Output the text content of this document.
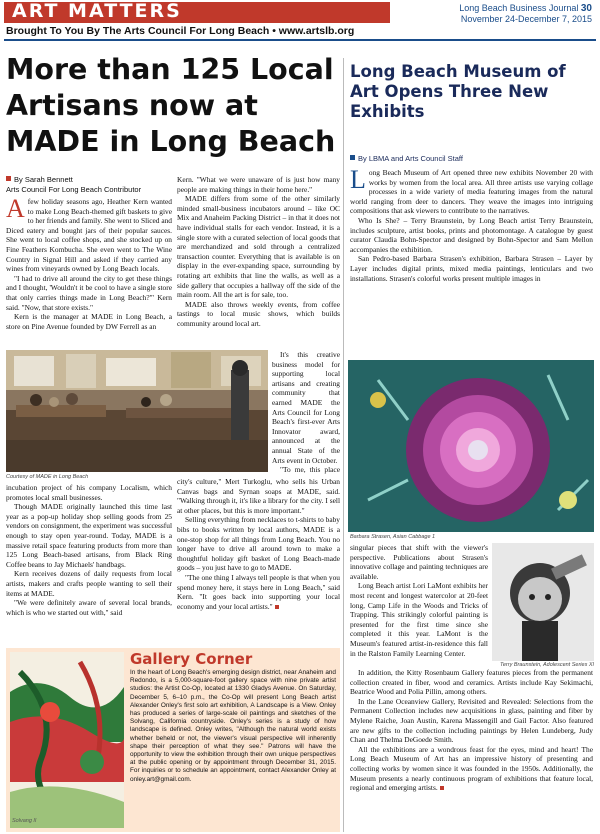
ART MATTERS	Long Beach Business Journal 30
November 24-December 7, 2015
Brought To You By The Arts Council For Long Beach • www.artslb.org
More than 125 Local Artisans now at MADE in Long Beach
By Sarah Bennett
Arts Council For Long Beach Contributor

Afew holiday seasons ago, Heather Kern wanted to make Long Beach-themed gift baskets to give to her friends and family. She went to Sliced and Diced eatery and bought jars of their popular sauces. She went to local coffee shops, and she stocked up on Fine Feathers Kombucha. She even went to The Wine Country in Signal Hill and asked if they carried any wines from vineyards owned by Long Beach locals.

"I had to drive all around the city to get these things and I thought, 'Wouldn't it be cool to have a single store that only carries things made in Long Beach?'" Kern said. "Now, that store exists."

Kern is the manager at MADE in Long Beach, a store on Pine Avenue founded by DW Ferrell as an

Kern. "What we were unaware of is just how many people are making things in their home here."

MADE differs from some of the other similarly minded small-business incubators around – like OC Mix and Anaheim Packing District – in that it does not have individual stalls for each vendor. Instead, it is a single store with a curated selection of local goods that are merchandized and sold through a centralized transaction counter. Everything that is available is on display in the ever-expanding space, surrounding by rotating art exhibits that line the walls, as well as a side gallery that occupies a hallway off the side of the main room. All the art is for sale, too.

MADE also throws weekly events, from coffee tastings to local music shows, which builds community around local art.

Courtesy of MADE in Long Beach

It's this creative business model for supporting local artisans and creating community that earned MADE the Arts Council for Long Beach's first-ever Arts Innovator award, announced at the annual State of the Arts event in October.

"To me, this place

incubation project of his company Localism, which promotes local small businesses.

Though MADE originally launched this time last year as a pop-up holiday shop selling goods from 25 vendors on consignment, the experiment was successful enough to stay open year-round. Today, MADE is a massive retail space featuring products from more than 125 Long Beach-based artisans, from Black Ring Coffee beans to Jay Michaels' handbags.

Kern receives dozens of daily requests from local artists, makers and crafts people wanting to sell their items at MADE.

"We were definitely aware of several local brands, which is who we started out with," said

city's culture," Mert Turkoglu, who sells his Urban Canvas bags and Syrnan soaps at MADE, said. "Walking through it, it's like a library for the city. I sell at other places, but this is more important."

Selling everything from necklaces to t-shirts to baby bibs to books written by local authors, MADE is a one-stop shop for all things from Long Beach. You no longer have to drive all around town to make a thoughtful holiday gift basket of Long Beach-made goods – you just have to go to MADE.

"The one thing I always tell people is that when you spend money here, it stays here in Long Beach," said Kern. "It goes back into supporting your local economy and your local artists."

Solvang II
Gallery Corner
In the heart of Long Beach's emerging design district, near Anaheim and Redondo, is a 5,000-square-foot gallery space with nine private artist studios: the Artist Co-Op, located at 1330 Gladys Avenue. On Saturday, December 5, 6–10 p.m., the Co-Op will present Long Beach artist Alexander Onley's first solo art exhibition, A Landscape is a View. Onley has produced a series of large-scale oil paintings and sketches of the Solvang, California countryside. Onley's series is a study of how landscape is defined. Onley writes, "Although the natural world exists whether beheld or not, the viewer's visual perspective will inherently shape their perception of what they see." Patrons will have the opportunity to view the exhibition through their own unique perspectives at the public opening or by appointment through December 31, 2015. For inquiries or to schedule an appointment, contact Alexander Onley at onley.art@gmail.com.
Long Beach Museum of Art Opens Three New Exhibits
By LBMA and Arts Council Staff

Long Beach Museum of Art opened three new exhibits November 20 with works by women from the local area. All three artists use varying collage processes in a wide variety of media featuring images from the natural world ranging from deer to dancers. They weave the images into intriguing compositions that ask viewers to contribute to the narratives.

Who Is She? – Terry Braunstein, by Long Beach artist Terry Braunstein, includes sculpture, artist books, prints and photomontage. A catalogue by guest curator Claudia Bohn-Spector and designed by Bohn-Spector and Sam Mellon accompanies the exhibition.

San Pedro-based Barbara Strasen's exhibition, Barbara Strasen – Layer by Layer includes digital prints, mixed media paintings, lenticulars and two installations. Strasen's colorful works present multiple images in

Barbara Strasen, Asian Cabbage 1

singular pieces that shift with the viewer's perspective. Publications about Strasen's innovative collage and painting techniques are available.

Long Beach artist Lori LaMont exhibits her most recent and longest watercolor at 20-feet long, Camp Life in the Woods and Tricks of Trapping. This strikingly colorful painting is presented for the first time since she completed it this year. LaMont is the Museum's featured artist-in-residence this fall in the Ralston Family Learning Center.

Terry Braunstein, Adolescent Series XI

In addition, the Kitty Rosenbaum Gallery features pieces from the permanent collection created in fiber, wood and ceramics. Artists include Kay Sekimachi, Beatrice Wood and Polia Pillin, among others.

In the Lane Oceanview Gallery, Revisited and Revealed: Selections from the Permanent Collection includes new acquisitions in glass, painting and fiber by Mylene Raiche, Joan Austin, Karena Massengill and Gail Factor. Also featured are new gifts to the collection including paintings by Helen Lundeberg, Judy Chan and Thelma DeGoede Smith.

All the exhibitions are a wondrous feast for the eyes, mind and heart! The Long Beach Museum of Art has an impressive history of presenting and collecting works by women since it was founded in the 1950s. Additionally, the Museum presents a nearly continuous program of exhibitions that feature local, regional and emerging artists.
